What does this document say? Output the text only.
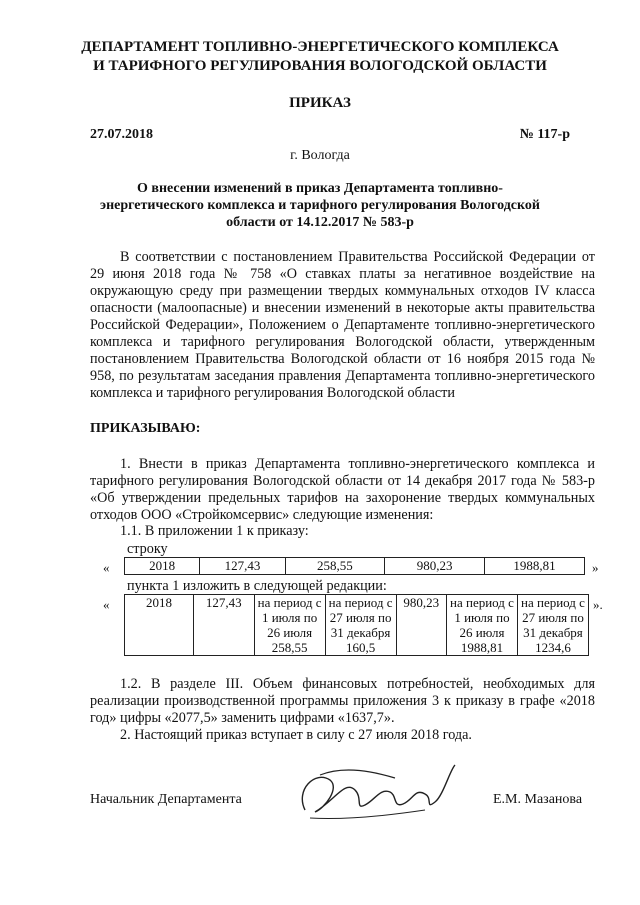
ДЕПАРТАМЕНТ ТОПЛИВНО-ЭНЕРГЕТИЧЕСКОГО КОМПЛЕКСА
И ТАРИФНОГО РЕГУЛИРОВАНИЯ ВОЛОГОДСКОЙ ОБЛАСТИ
ПРИКАЗ
27.07.2018	№ 117-р
г. Вологда
О внесении изменений в приказ Департамента топливно-энергетического комплекса и тарифного регулирования Вологодской области от 14.12.2017 № 583-р
В соответствии с постановлением Правительства Российской Федерации от 29 июня 2018 года № 758 «О ставках платы за негативное воздействие на окружающую среду при размещении твердых коммунальных отходов IV класса опасности (малоопасные) и внесении изменений в некоторые акты правительства Российской Федерации», Положением о Департаменте топливно-энергетического комплекса и тарифного регулирования Вологодской области, утвержденным постановлением Правительства Вологодской области от 16 ноября 2015 года № 958, по результатам заседания правления Департамента топливно-энергетического комплекса и тарифного регулирования Вологодской области
ПРИКАЗЫВАЮ:
1. Внести в приказ Департамента топливно-энергетического комплекса и тарифного регулирования Вологодской области от 14 декабря 2017 года № 583-р «Об утверждении предельных тарифов на захоронение твердых коммунальных отходов ООО «Стройкомсервис» следующие изменения:
1.1. В приложении 1 к приказу:
строку
«	2018	127,43	258,55	980,23	1988,81	»
пункта 1 изложить в следующей редакции:
«	2018	127,43	на период с 1 июля по 26 июля 258,55	на период с 27 июля по 31 декабря 160,5	980,23	на период с 1 июля по 26 июля 1988,81	на период с 27 июля по 31 декабря 1234,6
».
1.2. В разделе III. Объем финансовых потребностей, необходимых для реализации производственной программы приложения 3 к приказу в графе «2018 год» цифры «2077,5» заменить цифрами «1637,7».
2. Настоящий приказ вступает в силу с 27 июля 2018 года.
Начальник Департамента	Е.М. Мазанова
